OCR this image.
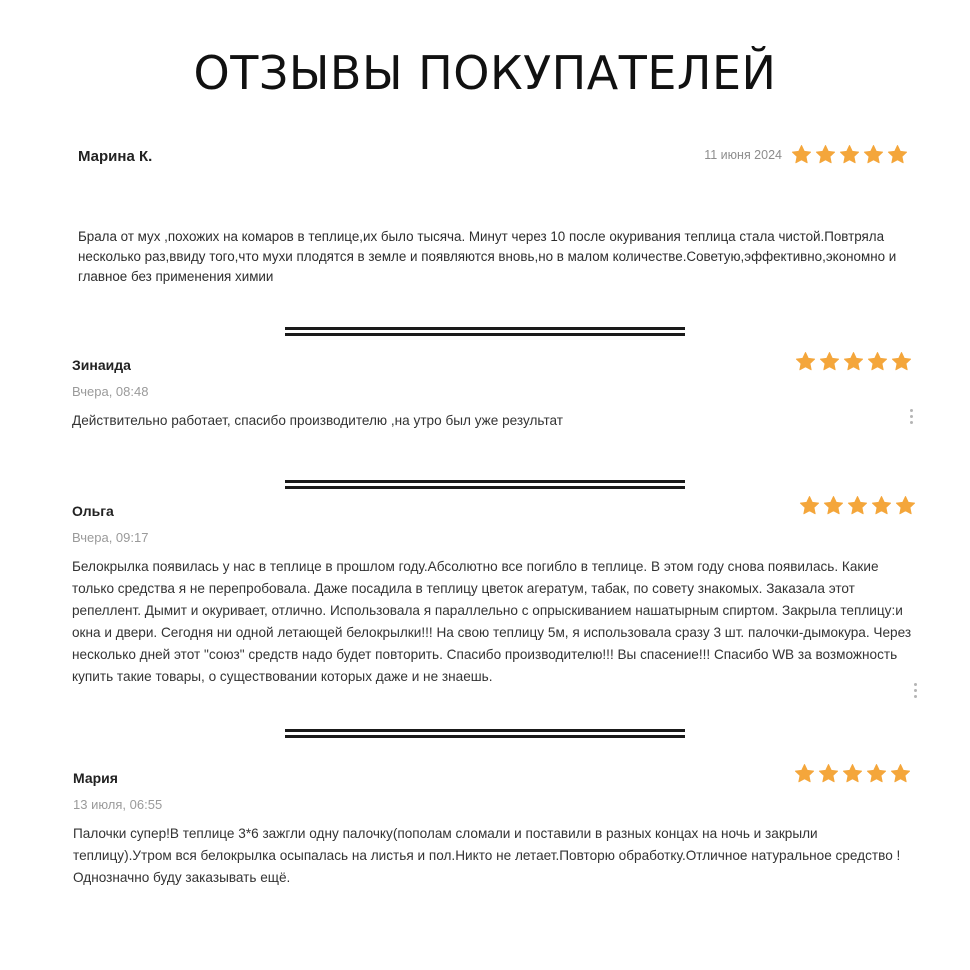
ОТЗЫВЫ ПОКУПАТЕЛЕЙ
Марина К.	11 июня 2024
Брала от мух ,похожих на комаров в теплице,их было тысяча. Минут через 10 после окуривания теплица стала чистой.Повтряла несколько раз,ввиду того,что мухи плодятся в земле и появляются вновь,но в малом количестве.Советую,эффективно,экономно и главное без применения химии
Зинаида
Вчера, 08:48
Действительно работает, спасибо производителю ,на утро был уже результат
Ольга
Вчера, 09:17
Белокрылка появилась у нас в теплице в прошлом году.Абсолютно все погибло в теплице. В этом году снова появилась. Какие только средства я не перепробовала. Даже посадила в теплицу цветок агератум, табак, по совету знакомых. Заказала этот репеллент. Дымит и окуривает, отлично. Использовала я параллельно с опрыскиванием нашатырным спиртом. Закрыла теплицу:и окна и двери. Сегодня ни одной летающей белокрылки!!! На свою теплицу 5м, я использовала сразу 3 шт. палочки-дымокура. Через несколько дней этот "союз" средств надо будет повторить. Спасибо производителю!!! Вы спасение!!! Спасибо WB за возможность купить такие товары, о существовании которых даже и не знаешь.
Мария
13 июля, 06:55
Палочки супер!В теплице 3*6 зажгли одну палочку(пополам сломали и поставили в разных концах на ночь и закрыли теплицу).Утром вся белокрылка осыпалась на листья и пол.Никто не летает.Повторю обработку.Отличное натуральное средство !Однозначно буду заказывать ещё.
